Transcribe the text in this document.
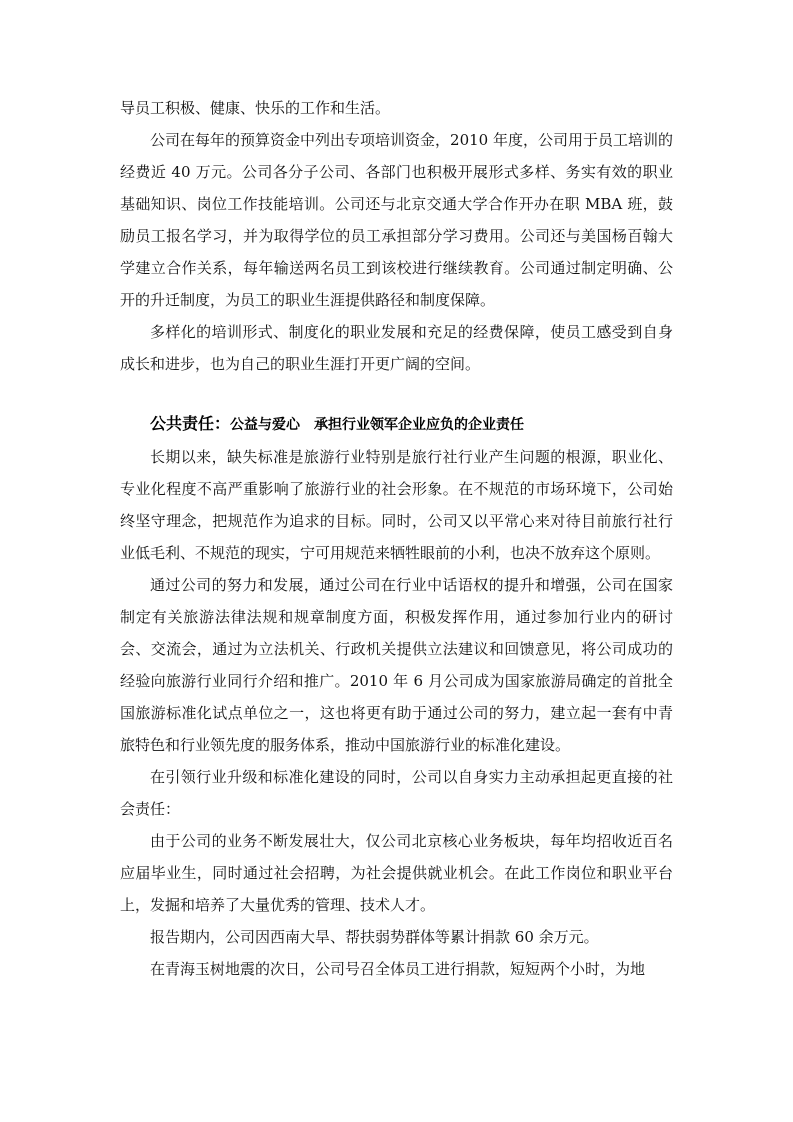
导员工积极、健康、快乐的工作和生活。

公司在每年的预算资金中列出专项培训资金，2010 年度，公司用于员工培训的经费近 40 万元。公司各分子公司、各部门也积极开展形式多样、务实有效的职业基础知识、岗位工作技能培训。公司还与北京交通大学合作开办在职 MBA 班，鼓励员工报名学习，并为取得学位的员工承担部分学习费用。公司还与美国杨百翰大学建立合作关系，每年输送两名员工到该校进行继续教育。公司通过制定明确、公开的升迁制度，为员工的职业生涯提供路径和制度保障。

多样化的培训形式、制度化的职业发展和充足的经费保障，使员工感受到自身成长和进步，也为自己的职业生涯打开更广阔的空间。

公共责任：公益与爱心　承担行业领军企业应负的企业责任

长期以来，缺失标准是旅游行业特别是旅行社行业产生问题的根源，职业化、专业化程度不高严重影响了旅游行业的社会形象。在不规范的市场环境下，公司始终坚守理念，把规范作为追求的目标。同时，公司又以平常心来对待目前旅行社行业低毛利、不规范的现实，宁可用规范来牺牲眼前的小利，也决不放弃这个原则。

通过公司的努力和发展，通过公司在行业中话语权的提升和增强，公司在国家制定有关旅游法律法规和规章制度方面，积极发挥作用，通过参加行业内的研讨会、交流会，通过为立法机关、行政机关提供立法建议和回馈意见，将公司成功的经验向旅游行业同行介绍和推广。2010 年 6 月公司成为国家旅游局确定的首批全国旅游标准化试点单位之一，这也将更有助于通过公司的努力，建立起一套有中青旅特色和行业领先度的服务体系，推动中国旅游行业的标准化建设。

在引领行业升级和标准化建设的同时，公司以自身实力主动承担起更直接的社会责任：

由于公司的业务不断发展壮大，仅公司北京核心业务板块，每年均招收近百名应届毕业生，同时通过社会招聘，为社会提供就业机会。在此工作岗位和职业平台上，发掘和培养了大量优秀的管理、技术人才。

报告期内，公司因西南大旱、帮扶弱势群体等累计捐款 60 余万元。

在青海玉树地震的次日，公司号召全体员工进行捐款，短短两个小时，为地
